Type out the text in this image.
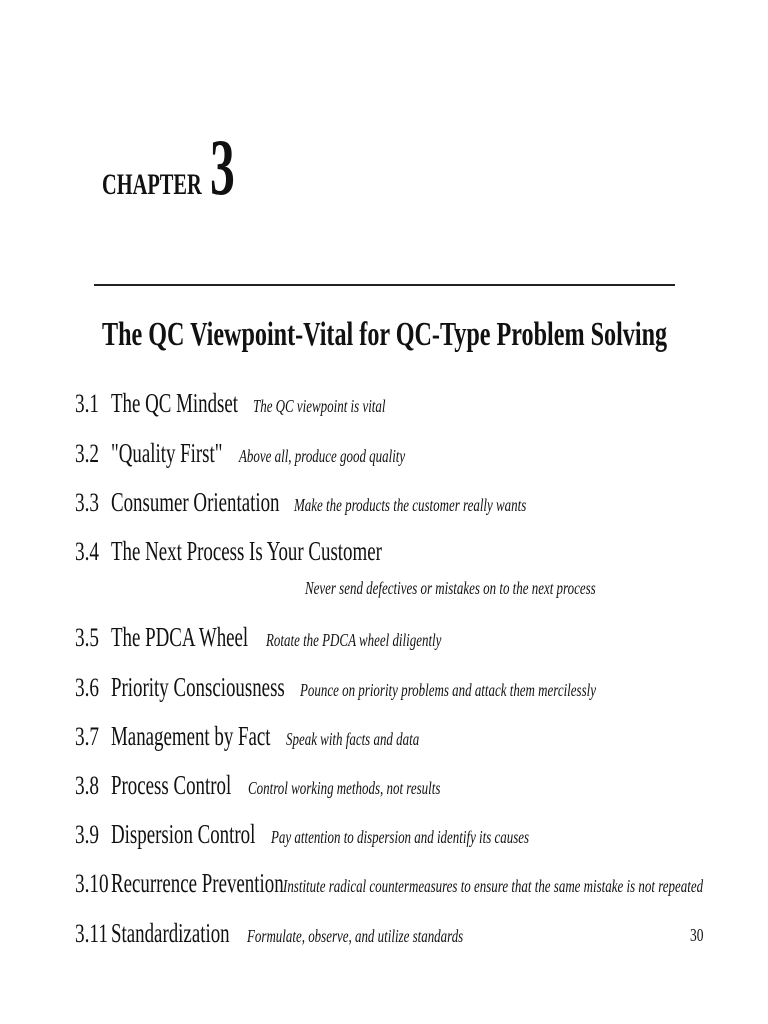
CHAPTER 3
The QC Viewpoint-Vital for QC-Type Problem Solving
3.1 The QC Mindset The QC viewpoint is vital
3.2 "Quality First" Above all, produce good quality
3.3 Consumer Orientation Make the products the customer really wants
3.4 The Next Process Is Your Customer
Never send defectives or mistakes on to the next process
3.5 The PDCA Wheel Rotate the PDCA wheel diligently
3.6 Priority Consciousness Pounce on priority problems and attack them mercilessly
3.7 Management by Fact Speak with facts and data
3.8 Process Control Control working methods, not results
3.9 Dispersion Control Pay attention to dispersion and identify its causes
3.10 Recurrence Prevention Institute radical countermeasures to ensure that the same mistake is not repeated
3.11 Standardization Formulate, observe, and utilize standards	30
